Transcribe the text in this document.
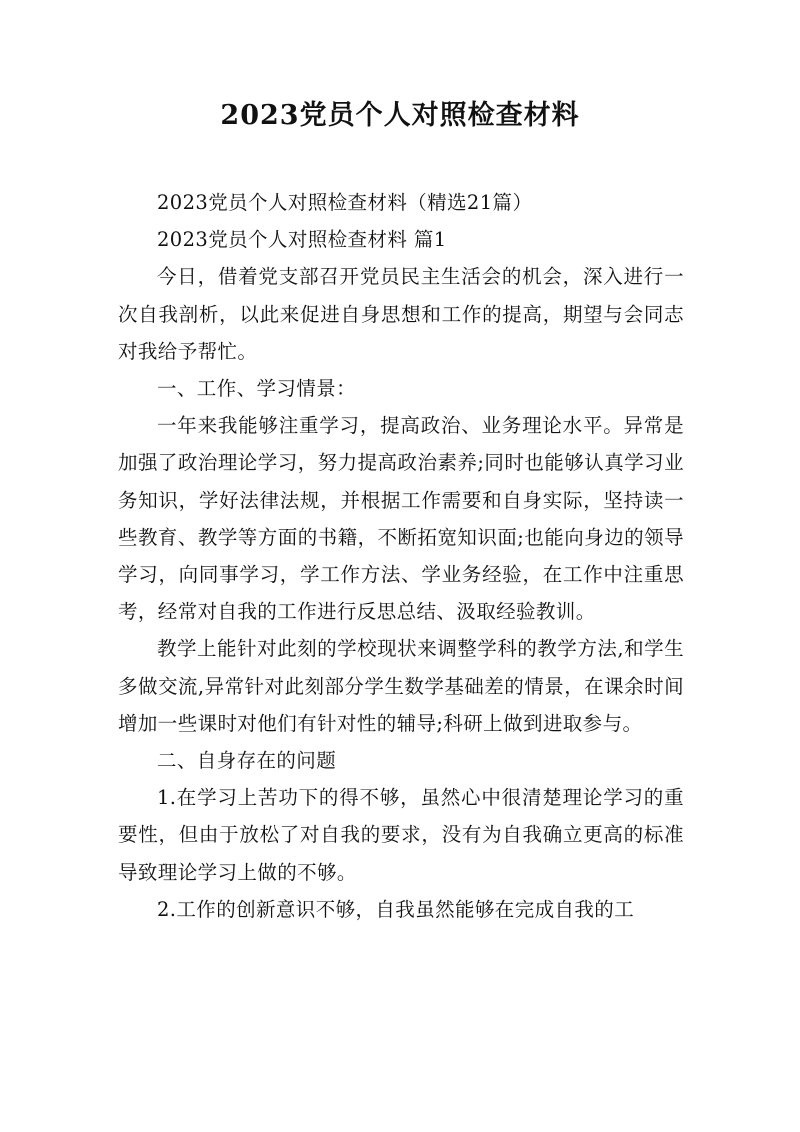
2023党员个人对照检查材料

2023党员个人对照检查材料（精选21篇）

2023党员个人对照检查材料 篇1

今日，借着党支部召开党员民主生活会的机会，深入进行一次自我剖析，以此来促进自身思想和工作的提高，期望与会同志对我给予帮忙。

一、工作、学习情景：

一年来我能够注重学习，提高政治、业务理论水平。异常是加强了政治理论学习，努力提高政治素养;同时也能够认真学习业务知识，学好法律法规，并根据工作需要和自身实际，坚持读一些教育、教学等方面的书籍，不断拓宽知识面;也能向身边的领导学习，向同事学习，学工作方法、学业务经验，在工作中注重思考，经常对自我的工作进行反思总结、汲取经验教训。

教学上能针对此刻的学校现状来调整学科的教学方法,和学生多做交流,异常针对此刻部分学生数学基础差的情景，在课余时间增加一些课时对他们有针对性的辅导;科研上做到进取参与。

二、自身存在的问题

1.在学习上苦功下的得不够，虽然心中很清楚理论学习的重要性，但由于放松了对自我的要求，没有为自我确立更高的标准导致理论学习上做的不够。

2.工作的创新意识不够，自我虽然能够在完成自我的工
